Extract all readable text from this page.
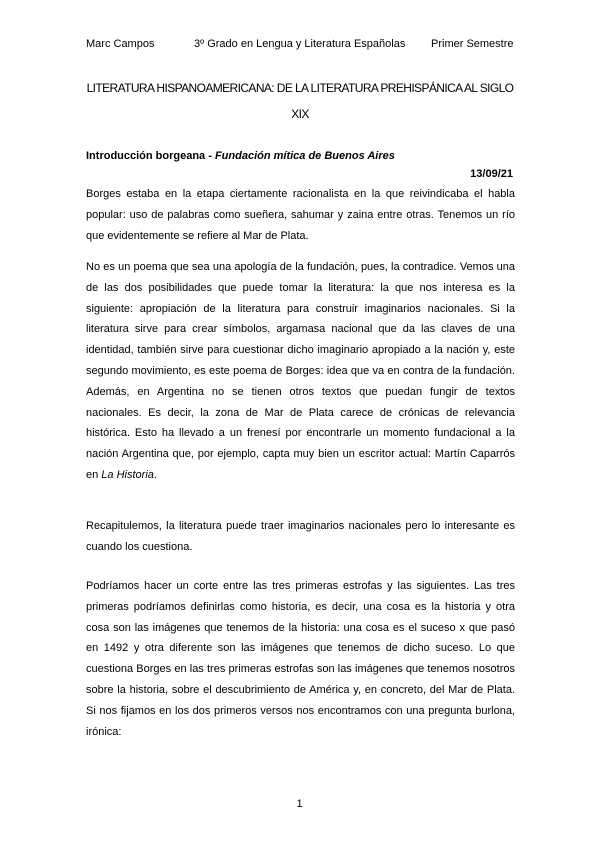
Marc Campos	3º Grado en Lengua y Literatura Españolas Primer Semestre
LITERATURA HISPANOAMERICANA: DE LA LITERATURA PREHISPÁNICA AL SIGLO XIX
Introducción borgeana - Fundación mítica de Buenos Aires
13/09/21

Borges estaba en la etapa ciertamente racionalista en la que reivindicaba el habla popular: uso de palabras como sueñera, sahumar y zaina entre otras. Tenemos un río que evidentemente se refiere al Mar de Plata.

No es un poema que sea una apología de la fundación, pues, la contradice. Vemos una de las dos posibilidades que puede tomar la literatura: la que nos interesa es la siguiente: apropiación de la literatura para construir imaginarios nacionales. Si la literatura sirve para crear símbolos, argamasa nacional que da las claves de una identidad, también sirve para cuestionar dicho imaginario apropiado a la nación y, este segundo movimiento, es este poema de Borges: idea que va en contra de la fundación. Además, en Argentina no se tienen otros textos que puedan fungir de textos nacionales. Es decir, la zona de Mar de Plata carece de crónicas de relevancia histórica. Esto ha llevado a un frenesí por encontrarle un momento fundacional a la nación Argentina que, por ejemplo, capta muy bien un escritor actual: Martín Caparrós en La Historia.

Recapitulemos, la literatura puede traer imaginarios nacionales pero lo interesante es cuando los cuestiona.

Podríamos hacer un corte entre las tres primeras estrofas y las siguientes. Las tres primeras podríamos definirlas como historia, es decir, una cosa es la historia y otra cosa son las imágenes que tenemos de la historia: una cosa es el suceso x que pasó en 1492 y otra diferente son las imágenes que tenemos de dicho suceso. Lo que cuestiona Borges en las tres primeras estrofas son las imágenes que tenemos nosotros sobre la historia, sobre el descubrimiento de América y, en concreto, del Mar de Plata. Si nos fijamos en los dos primeros versos nos encontramos con una pregunta burlona, irónica:

1
